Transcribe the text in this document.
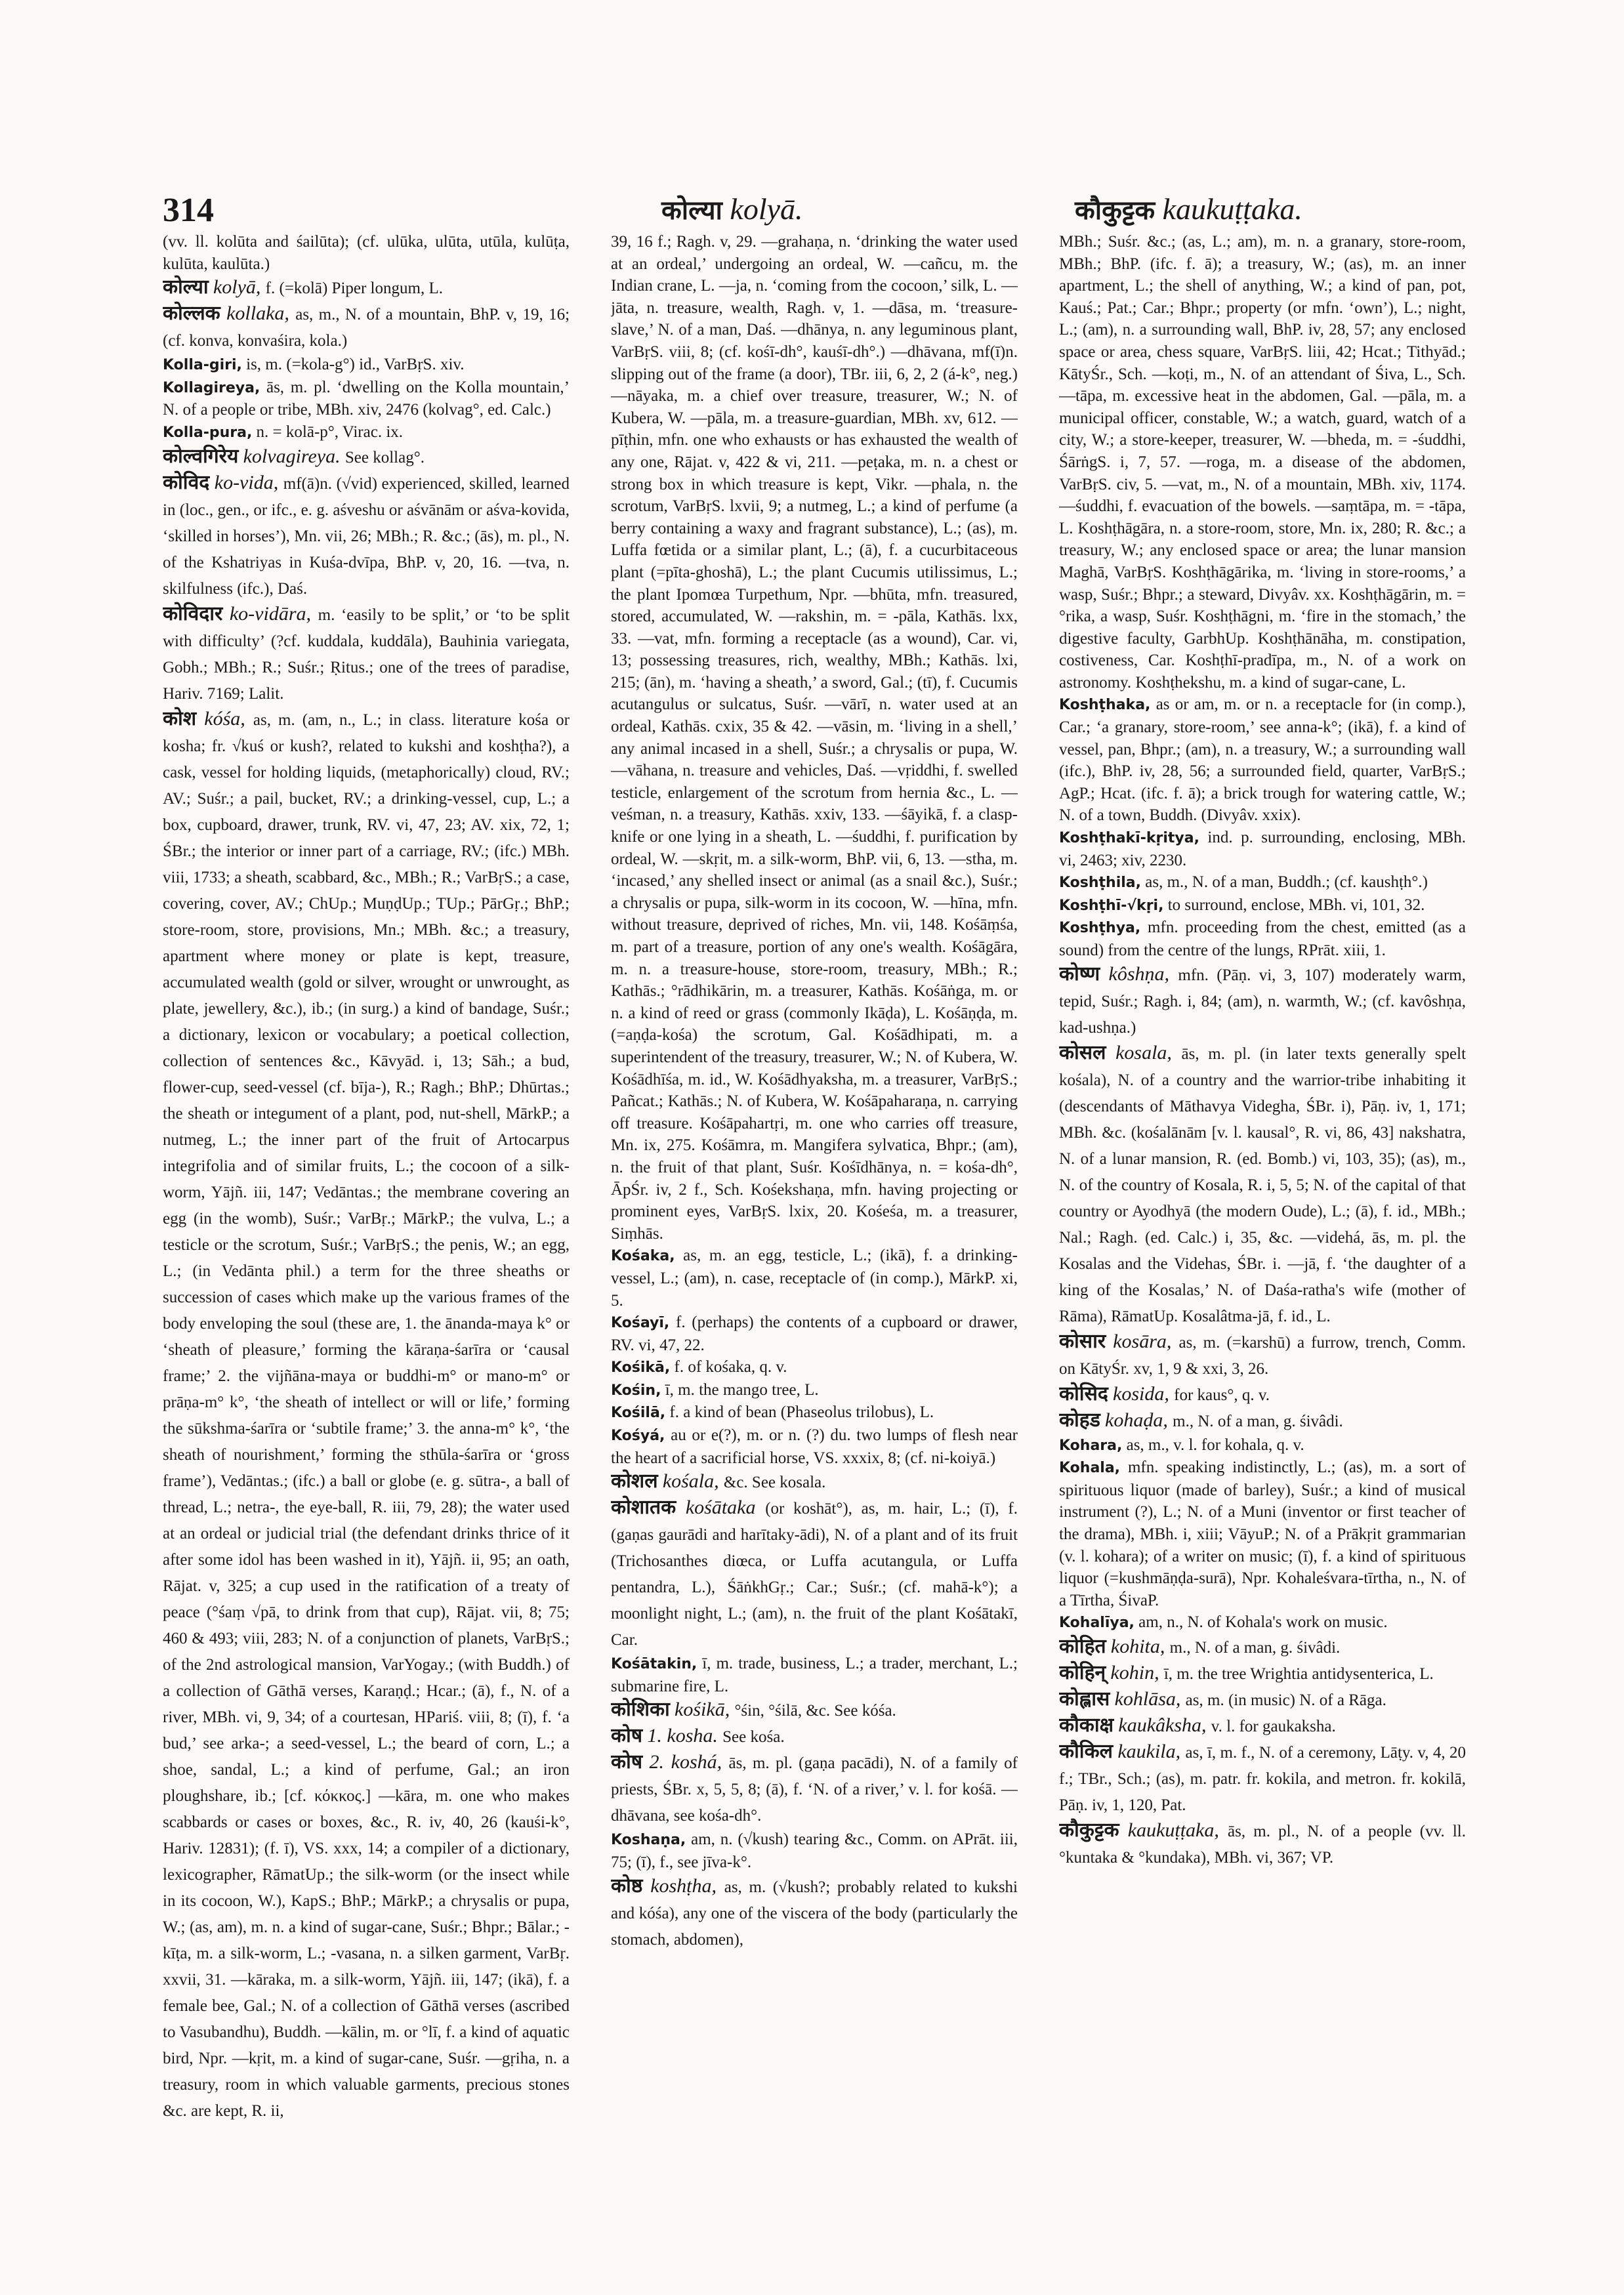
314	कोल्या kolyā.	कौकुट्टक kaukuṭṭaka.

(vv. ll. kolūta and śailūta); (cf. ulūka, ulūta, utūla, kulūṭa, kulūta, kaulūta.)

कोल्या kolyā, f. (=kolā) Piper longum, L.

कोल्लक kollaka, as, m., N. of a mountain, BhP. v, 19, 16; (cf. konva, konvaśira, kola.)

Kolla-giri, is, m. (=kola-g°) id., VarBṛS. xiv.

Kollagireya, ās, m. pl. ‘dwelling on the Kolla mountain,’ N. of a people or tribe, MBh. xiv, 2476 (kolvag°, ed. Calc.)

Kolla-pura, n. = kolā-p°, Virac. ix.

कोल्वगिरेय kolvagireya. See kollag°.

कोविद ko-vida, mf(ā)n. (√vid) experienced, skilled, learned in (loc., gen., or ifc., e. g. aśveshu or aśvānām or aśva-kovida, ‘skilled in horses’), Mn. vii, 26; MBh.; R. &c.; (ās), m. pl., N. of the Kshatriyas in Kuśa-dvīpa, BhP. v, 20, 16. —tva, n. skilfulness (ifc.), Daś.

कोविदार ko-vidāra, m. ‘easily to be split,’ or ‘to be split with difficulty’ (?cf. kuddala, kuddāla), Bauhinia variegata, Gobh.; MBh.; R.; Suśr.; Ṛitus.; one of the trees of paradise, Hariv. 7169; Lalit.

कोश kóśa, as, m. (am, n., L.; in class. literature kośa or kosha; fr. √kuś or kush?, related to kukshi and koshṭha?), a cask, vessel for holding liquids, (metaphorically) cloud, RV.; AV.; Suśr.; a pail, bucket, RV.; a drinking-vessel, cup, L.; a box, cupboard, drawer, trunk, RV. vi, 47, 23; AV. xix, 72, 1; ŚBr.; the interior or inner part of a carriage, RV.; (ifc.) MBh. viii, 1733; a sheath, scabbard, &c., MBh.; R.; VarBṛS.; a case, covering, cover, AV.; ChUp.; MuṇḍUp.; TUp.; PārGṛ.; BhP.; store-room, store, provisions, Mn.; MBh. &c.; a treasury, apartment where money or plate is kept, treasure, accumulated wealth (gold or silver, wrought or unwrought, as plate, jewellery, &c.), ib.; (in surg.) a kind of bandage, Suśr.; a dictionary, lexicon or vocabulary; a poetical collection, collection of sentences &c., Kāvyād. i, 13; Sāh.; a bud, flower-cup, seed-vessel (cf. bīja-), R.; Ragh.; BhP.; Dhūrtas.; the sheath or integument of a plant, pod, nut-shell, MārkP.; a nutmeg, L.; the inner part of the fruit of Artocarpus integrifolia and of similar fruits, L.; the cocoon of a silk-worm, Yājñ. iii, 147; Vedāntas.; the membrane covering an egg (in the womb), Suśr.; VarBṛ.; MārkP.; the vulva, L.; a testicle or the scrotum, Suśr.; VarBṛS.; the penis, W.; an egg, L.; (in Vedānta phil.) a term for the three sheaths or succession of cases which make up the various frames of the body enveloping the soul (these are, 1. the ānanda-maya k° or ‘sheath of pleasure,’ forming the kāraṇa-śarīra or ‘causal frame;’ 2. the vijñāna-maya or buddhi-m° or mano-m° or prāṇa-m° k°, ‘the sheath of intellect or will or life,’ forming the sūkshma-śarīra or ‘subtile frame;’ 3. the anna-m° k°, ‘the sheath of nourishment,’ forming the sthūla-śarīra or ‘gross frame’), Vedāntas.; (ifc.) a ball or globe (e. g. sūtra-, a ball of thread, L.; netra-, the eye-ball, R. iii, 79, 28); the water used at an ordeal or judicial trial (the defendant drinks thrice of it after some idol has been washed in it), Yājñ. ii, 95; an oath, Rājat. v, 325; a cup used in the ratification of a treaty of peace (°śaṃ √pā, to drink from that cup), Rājat. vii, 8; 75; 460 & 493; viii, 283; N. of a conjunction of planets, VarBṛS.; of the 2nd astrological mansion, VarYogay.; (with Buddh.) of a collection of Gāthā verses, Karaṇḍ.; Hcar.; (ā), f., N. of a river, MBh. vi, 9, 34; of a courtesan, HPariś. viii, 8; (ī), f. ‘a bud,’ see arka-; a seed-vessel, L.; the beard of corn, L.; a shoe, sandal, L.; a kind of perfume, Gal.; an iron ploughshare, ib.; [cf. κόκκος.] —kāra, m. one who makes scabbards or cases or boxes, &c., R. iv, 40, 26 (kauśi-k°, Hariv. 12831); (f. ī), VS. xxx, 14; a compiler of a dictionary, lexicographer, RāmatUp.; the silk-worm (or the insect while in its cocoon, W.), KapS.; BhP.; MārkP.; a chrysalis or pupa, W.; (as, am), m. n. a kind of sugar-cane, Suśr.; Bhpr.; Bālar.; -kīṭa, m. a silk-worm, L.; -vasana, n. a silken garment, VarBṛ. xxvii, 31. —kāraka, m. a silk-worm, Yājñ. iii, 147; (ikā), f. a female bee, Gal.; N. of a collection of Gāthā verses (ascribed to Vasubandhu), Buddh. —kālin, m. or °lī, f. a kind of aquatic bird, Npr. —kṛit, m. a kind of sugar-cane, Suśr. —gṛiha, n. a treasury, room in which valuable garments, precious stones &c. are kept, R. ii,

39, 16 f.; Ragh. v, 29. —grahaṇa, n. ‘drinking the water used at an ordeal,’ undergoing an ordeal, W. —cañcu, m. the Indian crane, L. —ja, n. ‘coming from the cocoon,’ silk, L. —jāta, n. treasure, wealth, Ragh. v, 1. —dāsa, m. ‘treasure-slave,’ N. of a man, Daś. —dhānya, n. any leguminous plant, VarBṛS. viii, 8; (cf. kośī-dh°, kauśī-dh°.) —dhāvana, mf(ī)n. slipping out of the frame (a door), TBr. iii, 6, 2, 2 (á-k°, neg.) —nāyaka, m. a chief over treasure, treasurer, W.; N. of Kubera, W. —pāla, m. a treasure-guardian, MBh. xv, 612. —pīṭhin, mfn. one who exhausts or has exhausted the wealth of any one, Rājat. v, 422 & vi, 211. —peṭaka, m. n. a chest or strong box in which treasure is kept, Vikr. —phala, n. the scrotum, VarBṛS. lxvii, 9; a nutmeg, L.; a kind of perfume (a berry containing a waxy and fragrant substance), L.; (as), m. Luffa fœtida or a similar plant, L.; (ā), f. a cucurbitaceous plant (=pīta-ghoshā), L.; the plant Cucumis utilissimus, L.; the plant Ipomœa Turpethum, Npr. —bhūta, mfn. treasured, stored, accumulated, W. —rakshin, m. = -pāla, Kathās. lxx, 33. —vat, mfn. forming a receptacle (as a wound), Car. vi, 13; possessing treasures, rich, wealthy, MBh.; Kathās. lxi, 215; (ān), m. ‘having a sheath,’ a sword, Gal.; (tī), f. Cucumis acutangulus or sulcatus, Suśr. —vārī, n. water used at an ordeal, Kathās. cxix, 35 & 42. —vāsin, m. ‘living in a shell,’ any animal incased in a shell, Suśr.; a chrysalis or pupa, W. —vāhana, n. treasure and vehicles, Daś. —vṛiddhi, f. swelled testicle, enlargement of the scrotum from hernia &c., L. —veśman, n. a treasury, Kathās. xxiv, 133. —śāyikā, f. a clasp-knife or one lying in a sheath, L. —śuddhi, f. purification by ordeal, W. —skṛit, m. a silk-worm, BhP. vii, 6, 13. —stha, m. ‘incased,’ any shelled insect or animal (as a snail &c.), Suśr.; a chrysalis or pupa, silk-worm in its cocoon, W. —hīna, mfn. without treasure, deprived of riches, Mn. vii, 148. Kośāṃśa, m. part of a treasure, portion of any one's wealth. Kośāgāra, m. n. a treasure-house, store-room, treasury, MBh.; R.; Kathās.; °rādhikārin, m. a treasurer, Kathās. Kośāṅga, m. or n. a kind of reed or grass (commonly Ikāḍa), L. Kośāṇḍa, m. (=aṇḍa-kośa) the scrotum, Gal. Kośādhipati, m. a superintendent of the treasury, treasurer, W.; N. of Kubera, W. Kośādhīśa, m. id., W. Kośādhyaksha, m. a treasurer, VarBṛS.; Pañcat.; Kathās.; N. of Kubera, W. Kośāpaharaṇa, n. carrying off treasure. Kośāpahartṛi, m. one who carries off treasure, Mn. ix, 275. Kośāmra, m. Mangifera sylvatica, Bhpr.; (am), n. the fruit of that plant, Suśr. Kośīdhānya, n. = kośa-dh°, ĀpŚr. iv, 2 f., Sch. Kośekshaṇa, mfn. having projecting or prominent eyes, VarBṛS. lxix, 20. Kośeśa, m. a treasurer, Siṃhās.

Kośaka, as, m. an egg, testicle, L.; (ikā), f. a drinking-vessel, L.; (am), n. case, receptacle of (in comp.), MārkP. xi, 5.

Kośayī, f. (perhaps) the contents of a cupboard or drawer, RV. vi, 47, 22.

Kośikā, f. of kośaka, q. v.

Kośin, ī, m. the mango tree, L.

Kośilā, f. a kind of bean (Phaseolus trilobus), L.

Kośyá, au or e(?), m. or n. (?) du. two lumps of flesh near the heart of a sacrificial horse, VS. xxxix, 8; (cf. ni-koiyā.)

कोशल kośala, &c. See kosala.

कोशातक kośātaka (or koshāt°), as, m. hair, L.; (ī), f. (gaṇas gaurādi and harītaky-ādi), N. of a plant and of its fruit (Trichosanthes diœca, or Luffa acutangula, or Luffa pentandra, L.), ŚāṅkhGṛ.; Car.; Suśr.; (cf. mahā-k°); a moonlight night, L.; (am), n. the fruit of the plant Kośātakī, Car.

Kośātakin, ī, m. trade, business, L.; a trader, merchant, L.; submarine fire, L.

कोशिका kośikā, °śin, °śilā, &c. See kóśa.

कोष 1. kosha. See kośa.

कोष 2. koshá, ās, m. pl. (gaṇa pacādi), N. of a family of priests, ŚBr. x, 5, 5, 8; (ā), f. ‘N. of a river,’ v. l. for kośā. —dhāvana, see kośa-dh°.

Koshaṇa, am, n. (√kush) tearing &c., Comm. on APrāt. iii, 75; (ī), f., see jīva-k°.

कोष्ठ koshṭha, as, m. (√kush?; probably related to kukshi and kóśa), any one of the viscera of the body (particularly the stomach, abdomen),

MBh.; Suśr. &c.; (as, L.; am), m. n. a granary, store-room, MBh.; BhP. (ifc. f. ā); a treasury, W.; (as), m. an inner apartment, L.; the shell of anything, W.; a kind of pan, pot, Kauś.; Pat.; Car.; Bhpr.; property (or mfn. ‘own’), L.; night, L.; (am), n. a surrounding wall, BhP. iv, 28, 57; any enclosed space or area, chess square, VarBṛS. liii, 42; Hcat.; Tithyād.; KātyŚr., Sch. —koṭi, m., N. of an attendant of Śiva, L., Sch. —tāpa, m. excessive heat in the abdomen, Gal. —pāla, m. a municipal officer, constable, W.; a watch, guard, watch of a city, W.; a store-keeper, treasurer, W. —bheda, m. = -śuddhi, ŚārṅgS. i, 7, 57. —roga, m. a disease of the abdomen, VarBṛS. civ, 5. —vat, m., N. of a mountain, MBh. xiv, 1174. —śuddhi, f. evacuation of the bowels. —saṃtāpa, m. = -tāpa, L. Koshṭhāgāra, n. a store-room, store, Mn. ix, 280; R. &c.; a treasury, W.; any enclosed space or area; the lunar mansion Maghā, VarBṛS. Koshṭhāgārika, m. ‘living in store-rooms,’ a wasp, Suśr.; Bhpr.; a steward, Divyâv. xx. Koshṭhāgārin, m. = °rika, a wasp, Suśr. Koshṭhāgni, m. ‘fire in the stomach,’ the digestive faculty, GarbhUp. Koshṭhānāha, m. constipation, costiveness, Car. Koshṭhī-pradīpa, m., N. of a work on astronomy. Koshṭhekshu, m. a kind of sugar-cane, L.

Koshṭhaka, as or am, m. or n. a receptacle for (in comp.), Car.; ‘a granary, store-room,’ see anna-k°; (ikā), f. a kind of vessel, pan, Bhpr.; (am), n. a treasury, W.; a surrounding wall (ifc.), BhP. iv, 28, 56; a surrounded field, quarter, VarBṛS.; AgP.; Hcat. (ifc. f. ā); a brick trough for watering cattle, W.; N. of a town, Buddh. (Divyâv. xxix).

Koshṭhakī-kṛitya, ind. p. surrounding, enclosing, MBh. vi, 2463; xiv, 2230.

Koshṭhila, as, m., N. of a man, Buddh.; (cf. kaushṭh°.)

Koshṭhī-√kṛi, to surround, enclose, MBh. vi, 101, 32.

Koshṭhya, mfn. proceeding from the chest, emitted (as a sound) from the centre of the lungs, RPrāt. xiii, 1.

कोष्ण kôshṇa, mfn. (Pāṇ. vi, 3, 107) moderately warm, tepid, Suśr.; Ragh. i, 84; (am), n. warmth, W.; (cf. kavôshṇa, kad-ushṇa.)

कोसल kosala, ās, m. pl. (in later texts generally spelt kośala), N. of a country and the warrior-tribe inhabiting it (descendants of Māthavya Videgha, ŚBr. i), Pāṇ. iv, 1, 171; MBh. &c. (kośalānām [v. l. kausal°, R. vi, 86, 43] nakshatra, N. of a lunar mansion, R. (ed. Bomb.) vi, 103, 35); (as), m., N. of the country of Kosala, R. i, 5, 5; N. of the capital of that country or Ayodhyā (the modern Oude), L.; (ā), f. id., MBh.; Nal.; Ragh. (ed. Calc.) i, 35, &c. —videhá, ās, m. pl. the Kosalas and the Videhas, ŚBr. i. —jā, f. ‘the daughter of a king of the Kosalas,’ N. of Daśa-ratha's wife (mother of Rāma), RāmatUp. Kosalâtma-jā, f. id., L.

कोसार kosāra, as, m. (=karshū) a furrow, trench, Comm. on KātyŚr. xv, 1, 9 & xxi, 3, 26.

कोसिद kosida, for kaus°, q. v.

कोहड kohaḍa, m., N. of a man, g. śivâdi.

Kohara, as, m., v. l. for kohala, q. v.

Kohala, mfn. speaking indistinctly, L.; (as), m. a sort of spirituous liquor (made of barley), Suśr.; a kind of musical instrument (?), L.; N. of a Muni (inventor or first teacher of the drama), MBh. i, xiii; VāyuP.; N. of a Prākṛit grammarian (v. l. kohara); of a writer on music; (ī), f. a kind of spirituous liquor (=kushmāṇḍa-surā), Npr. Kohaleśvara-tīrtha, n., N. of a Tīrtha, ŚivaP.

Kohalīya, am, n., N. of Kohala's work on music.

कोहित kohita, m., N. of a man, g. śivâdi.

कोहिन् kohin, ī, m. the tree Wrightia antidysenterica, L.

कोह्लास kohlāsa, as, m. (in music) N. of a Rāga.

कौकाक्ष kaukâksha, v. l. for gaukaksha.

कौकिल kaukila, as, ī, m. f., N. of a ceremony, Lāṭy. v, 4, 20 f.; TBr., Sch.; (as), m. patr. fr. kokila, and metron. fr. kokilā, Pāṇ. iv, 1, 120, Pat.

कौकुट्टक kaukuṭṭaka, ās, m. pl., N. of a people (vv. ll. °kuntaka & °kundaka), MBh. vi, 367; VP.
